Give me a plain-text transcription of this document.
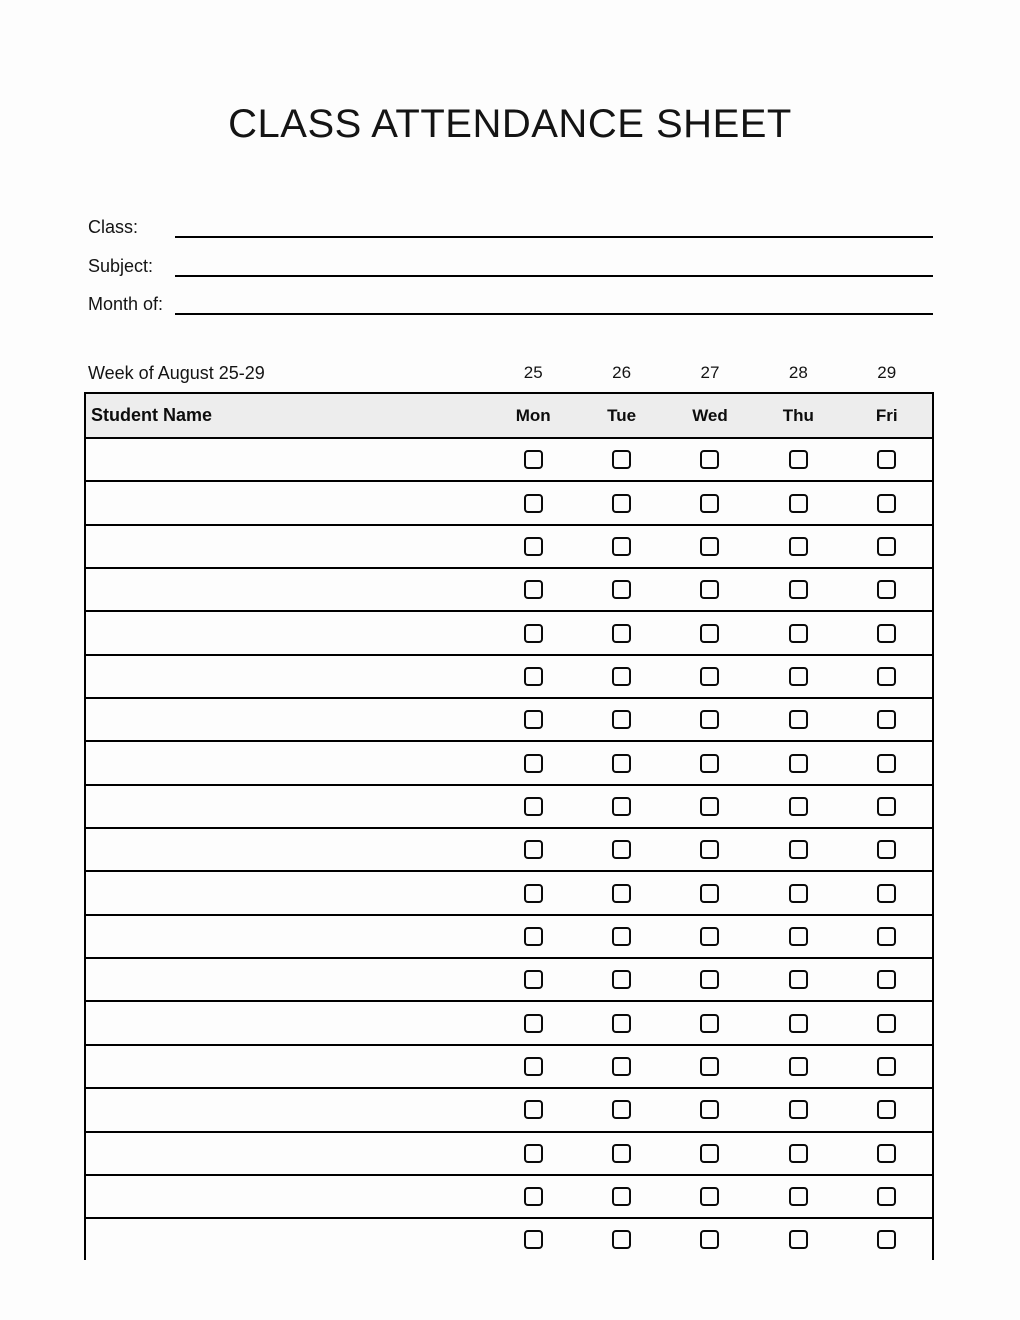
CLASS ATTENDANCE SHEET
Class:
Subject:
Month of:
Week of August 25-29	25	26	27	28	29
Student Name	Mon	Tue	Wed	Thu	Fri
